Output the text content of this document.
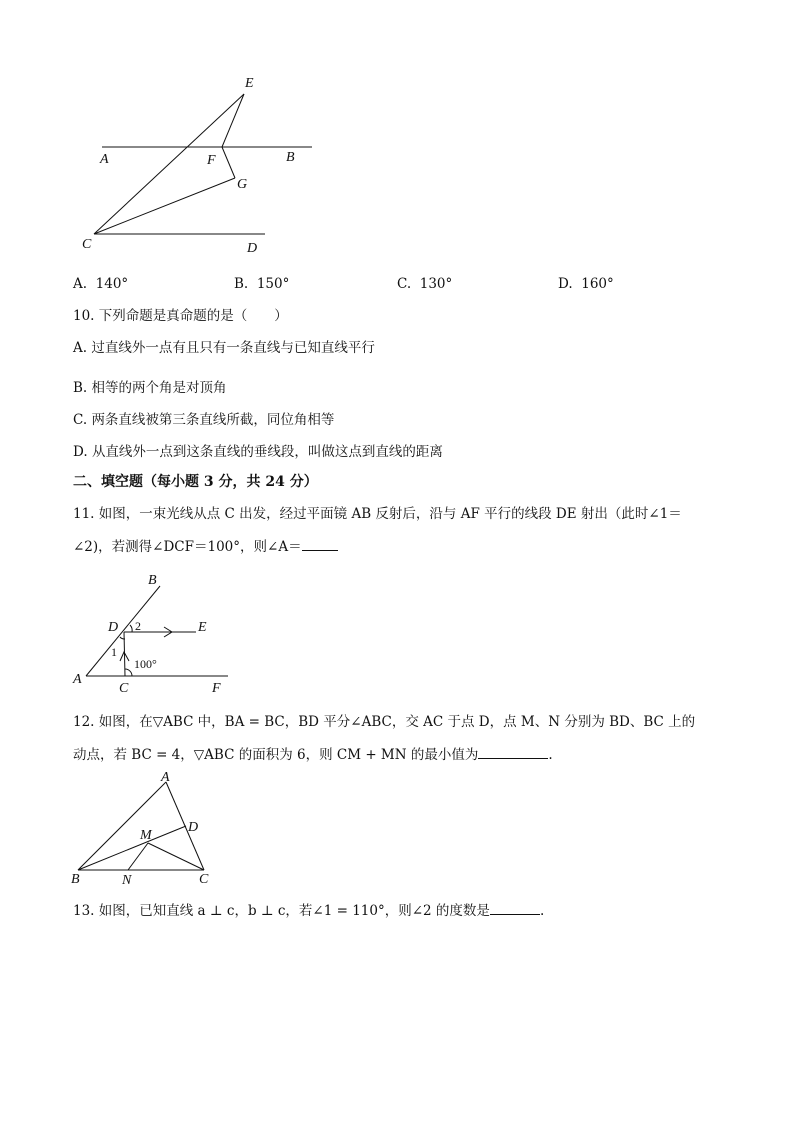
E
A	F	B
G
C	D
A. 140°	B. 150°	C. 130°	D. 160°
10. 下列命题是真命题的是（　　）
A. 过直线外一点有且只有一条直线与已知直线平行
B. 相等的两个角是对顶角
C. 两条直线被第三条直线所截，同位角相等
D. 从直线外一点到这条直线的垂线段，叫做这点到直线的距离
二、填空题（每小题 3 分，共 24 分）
11. 如图，一束光线从点 C 出发，经过平面镜 AB 反射后，沿与 AF 平行的线段 DE 射出（此时∠1＝
∠2)，若测得∠DCF＝100°，则∠A＝
B
D 2	E
1
100°
A
C	F
12. 如图，在▽ABC 中，BA = BC，BD 平分∠ABC，交 AC 于点 D，点 M、N 分别为 BD、BC 上的
动点，若 BC = 4，▽ABC 的面积为 6，则 CM + MN 的最小值为	.
A
D
M
B	N	C
13. 如图，已知直线 a ⊥ c，b ⊥ c，若∠1 = 110°，则∠2 的度数是	.
